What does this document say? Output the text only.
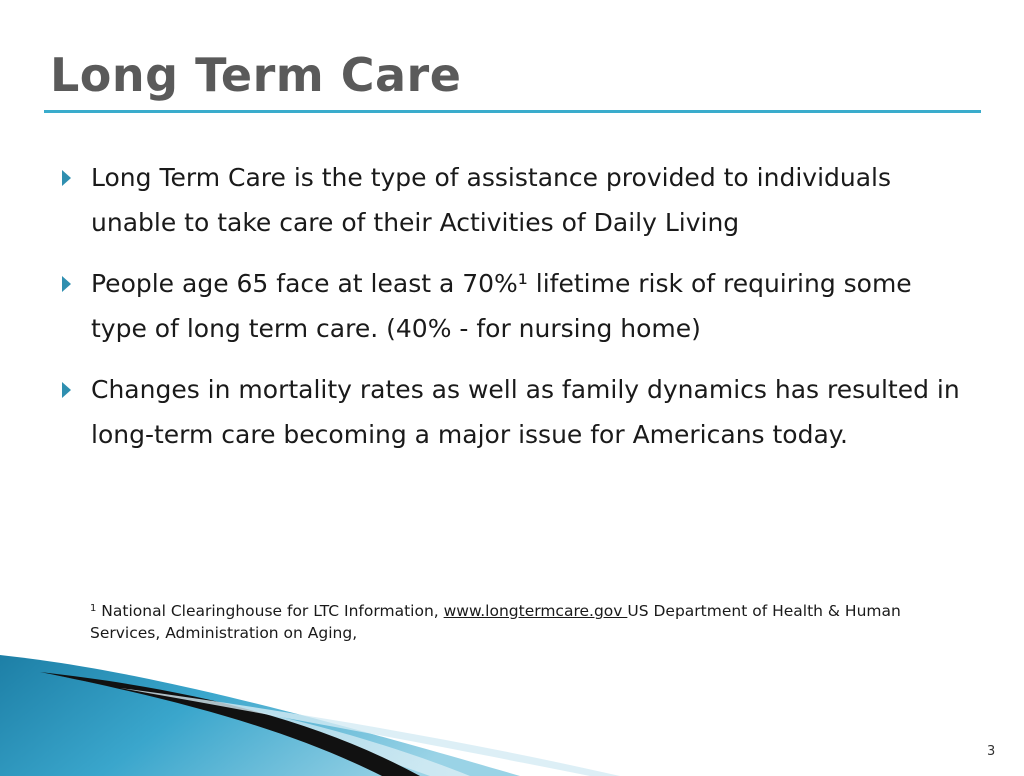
Long Term Care
Long Term Care is the type of assistance provided to individuals unable to take care of their Activities of Daily Living
People age 65 face at least a 70%¹ lifetime risk of requiring some type of long term care. (40% - for nursing home)
Changes in mortality rates as well as family dynamics has resulted in long-term care becoming a major issue for Americans today.
$^1$ National Clearinghouse for LTC Information, www.longtermcare.gov US Department of Health & Human Services, Administration on Aging,
3
